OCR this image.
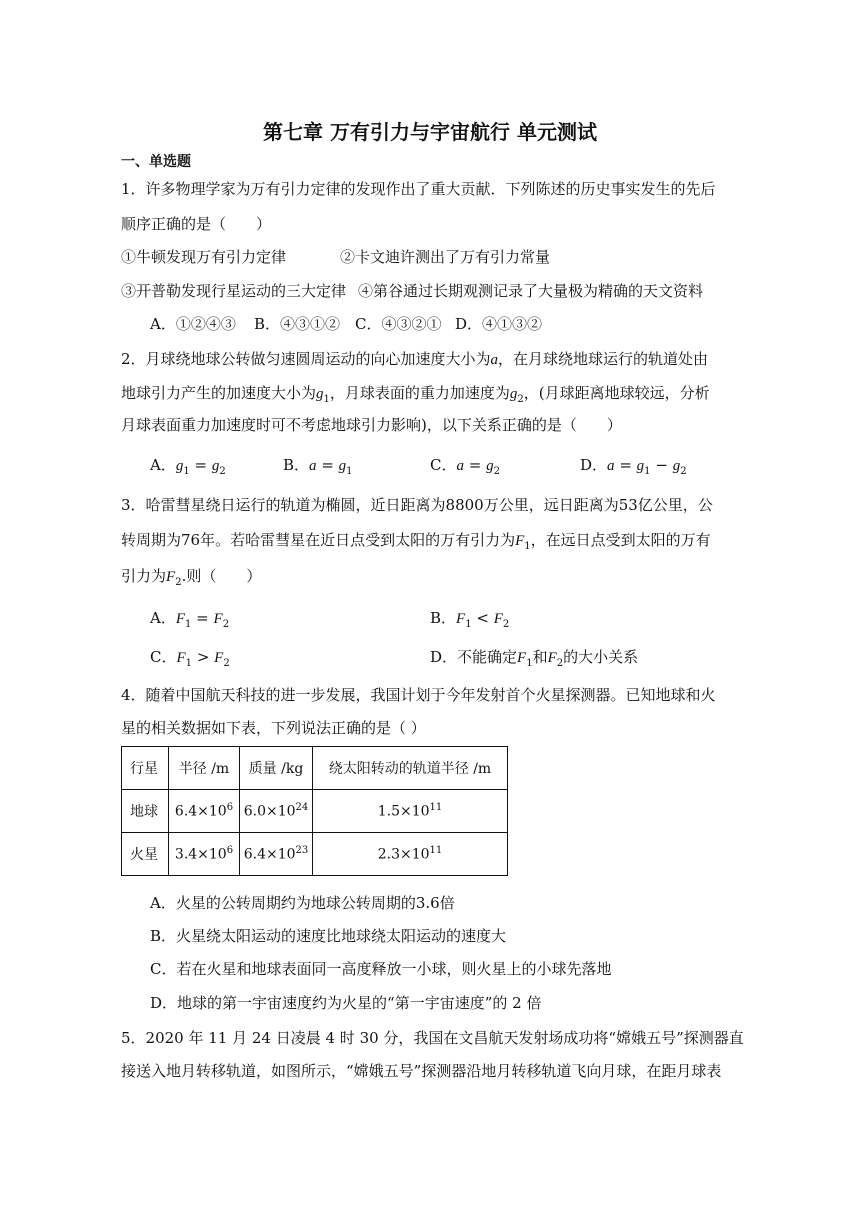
第七章 万有引力与宇宙航行 单元测试
一、单选题
1．许多物理学家为万有引力定律的发现作出了重大贡献．下列陈述的历史事实发生的先后
顺序正确的是（　　）
①牛顿发现万有引力定律	②卡文迪许测出了万有引力常量
③开普勒发现行星运动的三大定律 ④第谷通过长期观测记录了大量极为精确的天文资料
A．①②④③ B．④③①② C．④③②① D．④①③②
2．月球绕地球公转做匀速圆周运动的向心加速度大小为a，在月球绕地球运行的轨道处由
地球引力产生的加速度大小为$g_1$，月球表面的重力加速度为$g_2$，(月球距离地球较远，分析
月球表面重力加速度时可不考虑地球引力影响)，以下关系正确的是（　　）
A．$g_1 = g_2$	B．$a = g_1$	C．$a = g_2$	D．$a = g_1 - g_2$
3．哈雷彗星绕日运行的轨道为椭圆，近日距离为8800万公里，远日距离为53亿公里，公
转周期为76年。若哈雷彗星在近日点受到太阳的万有引力为$F_1$，在远日点受到太阳的万有
引力为$F_2$.则（　　）
A．$F_1 = F_2$	B．$F_1 < F_2$
C．$F_1 > F_2$	D．不能确定$F_1$和$F_2$的大小关系
4．随着中国航天科技的进一步发展，我国计划于今年发射首个火星探测器。已知地球和火
星的相关数据如下表，下列说法正确的是（ ）
行星	半径 /m	质量 /kg	绕太阳转动的轨道半径 /m
地球	$6.4\times 10^6$	$6.0\times 10^{24}$	$1.5\times 10^{11}$
火星	$3.4\times 10^6$	$6.4\times 10^{23}$	$2.3\times 10^{11}$
A．火星的公转周期约为地球公转周期的3.6倍
B．火星绕太阳运动的速度比地球绕太阳运动的速度大
C．若在火星和地球表面同一高度释放一小球，则火星上的小球先落地
D．地球的第一宇宙速度约为火星的“第一宇宙速度”的 2 倍
5．2020 年 11 月 24 日凌晨 4 时 30 分，我国在文昌航天发射场成功将“嫦娥五号”探测器直
接送入地月转移轨道，如图所示，“嫦娥五号”探测器沿地月转移轨道飞向月球，在距月球表
